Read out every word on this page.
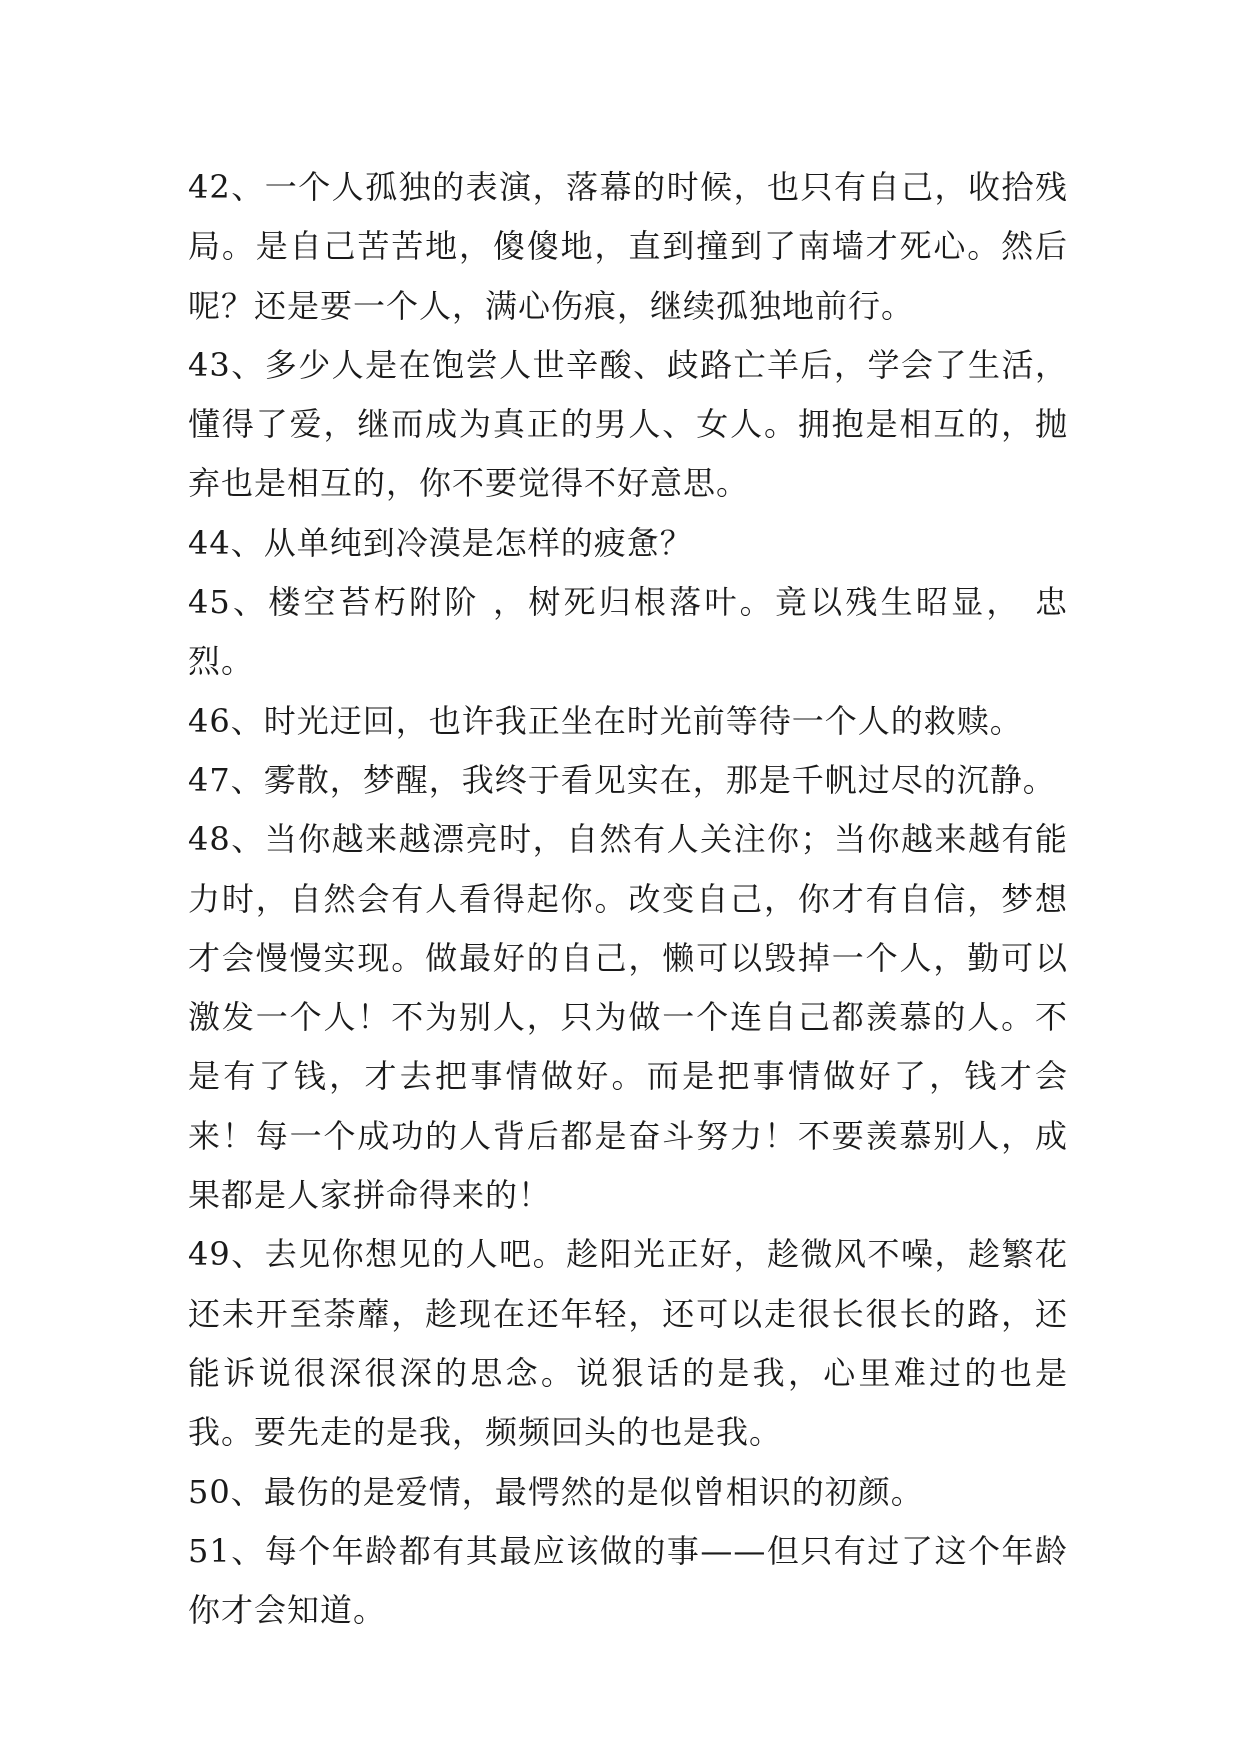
42、一个人孤独的表演，落幕的时候，也只有自己，收拾残局。是自己苦苦地，傻傻地，直到撞到了南墙才死心。然后呢？还是要一个人，满心伤痕，继续孤独地前行。

43、多少人是在饱尝人世辛酸、歧路亡羊后，学会了生活，懂得了爱，继而成为真正的男人、女人。拥抱是相互的，抛弃也是相互的，你不要觉得不好意思。

44、从单纯到冷漠是怎样的疲惫？

45、楼空苔朽附阶 ，树死归根落叶。竟以残生昭显， 忠烈。

46、时光迂回，也许我正坐在时光前等待一个人的救赎。

47、雾散，梦醒，我终于看见实在，那是千帆过尽的沉静。

48、当你越来越漂亮时，自然有人关注你；当你越来越有能力时，自然会有人看得起你。改变自己，你才有自信，梦想才会慢慢实现。做最好的自己，懒可以毁掉一个人，勤可以激发一个人！不为别人，只为做一个连自己都羡慕的人。不是有了钱，才去把事情做好。而是把事情做好了，钱才会来！每一个成功的人背后都是奋斗努力！不要羡慕别人，成果都是人家拼命得来的！

49、去见你想见的人吧。趁阳光正好，趁微风不噪，趁繁花还未开至荼蘼，趁现在还年轻，还可以走很长很长的路，还能诉说很深很深的思念。说狠话的是我，心里难过的也是我。要先走的是我，频频回头的也是我。

50、最伤的是爱情，最愕然的是似曾相识的初颜。

51、每个年龄都有其最应该做的事——但只有过了这个年龄你才会知道。
